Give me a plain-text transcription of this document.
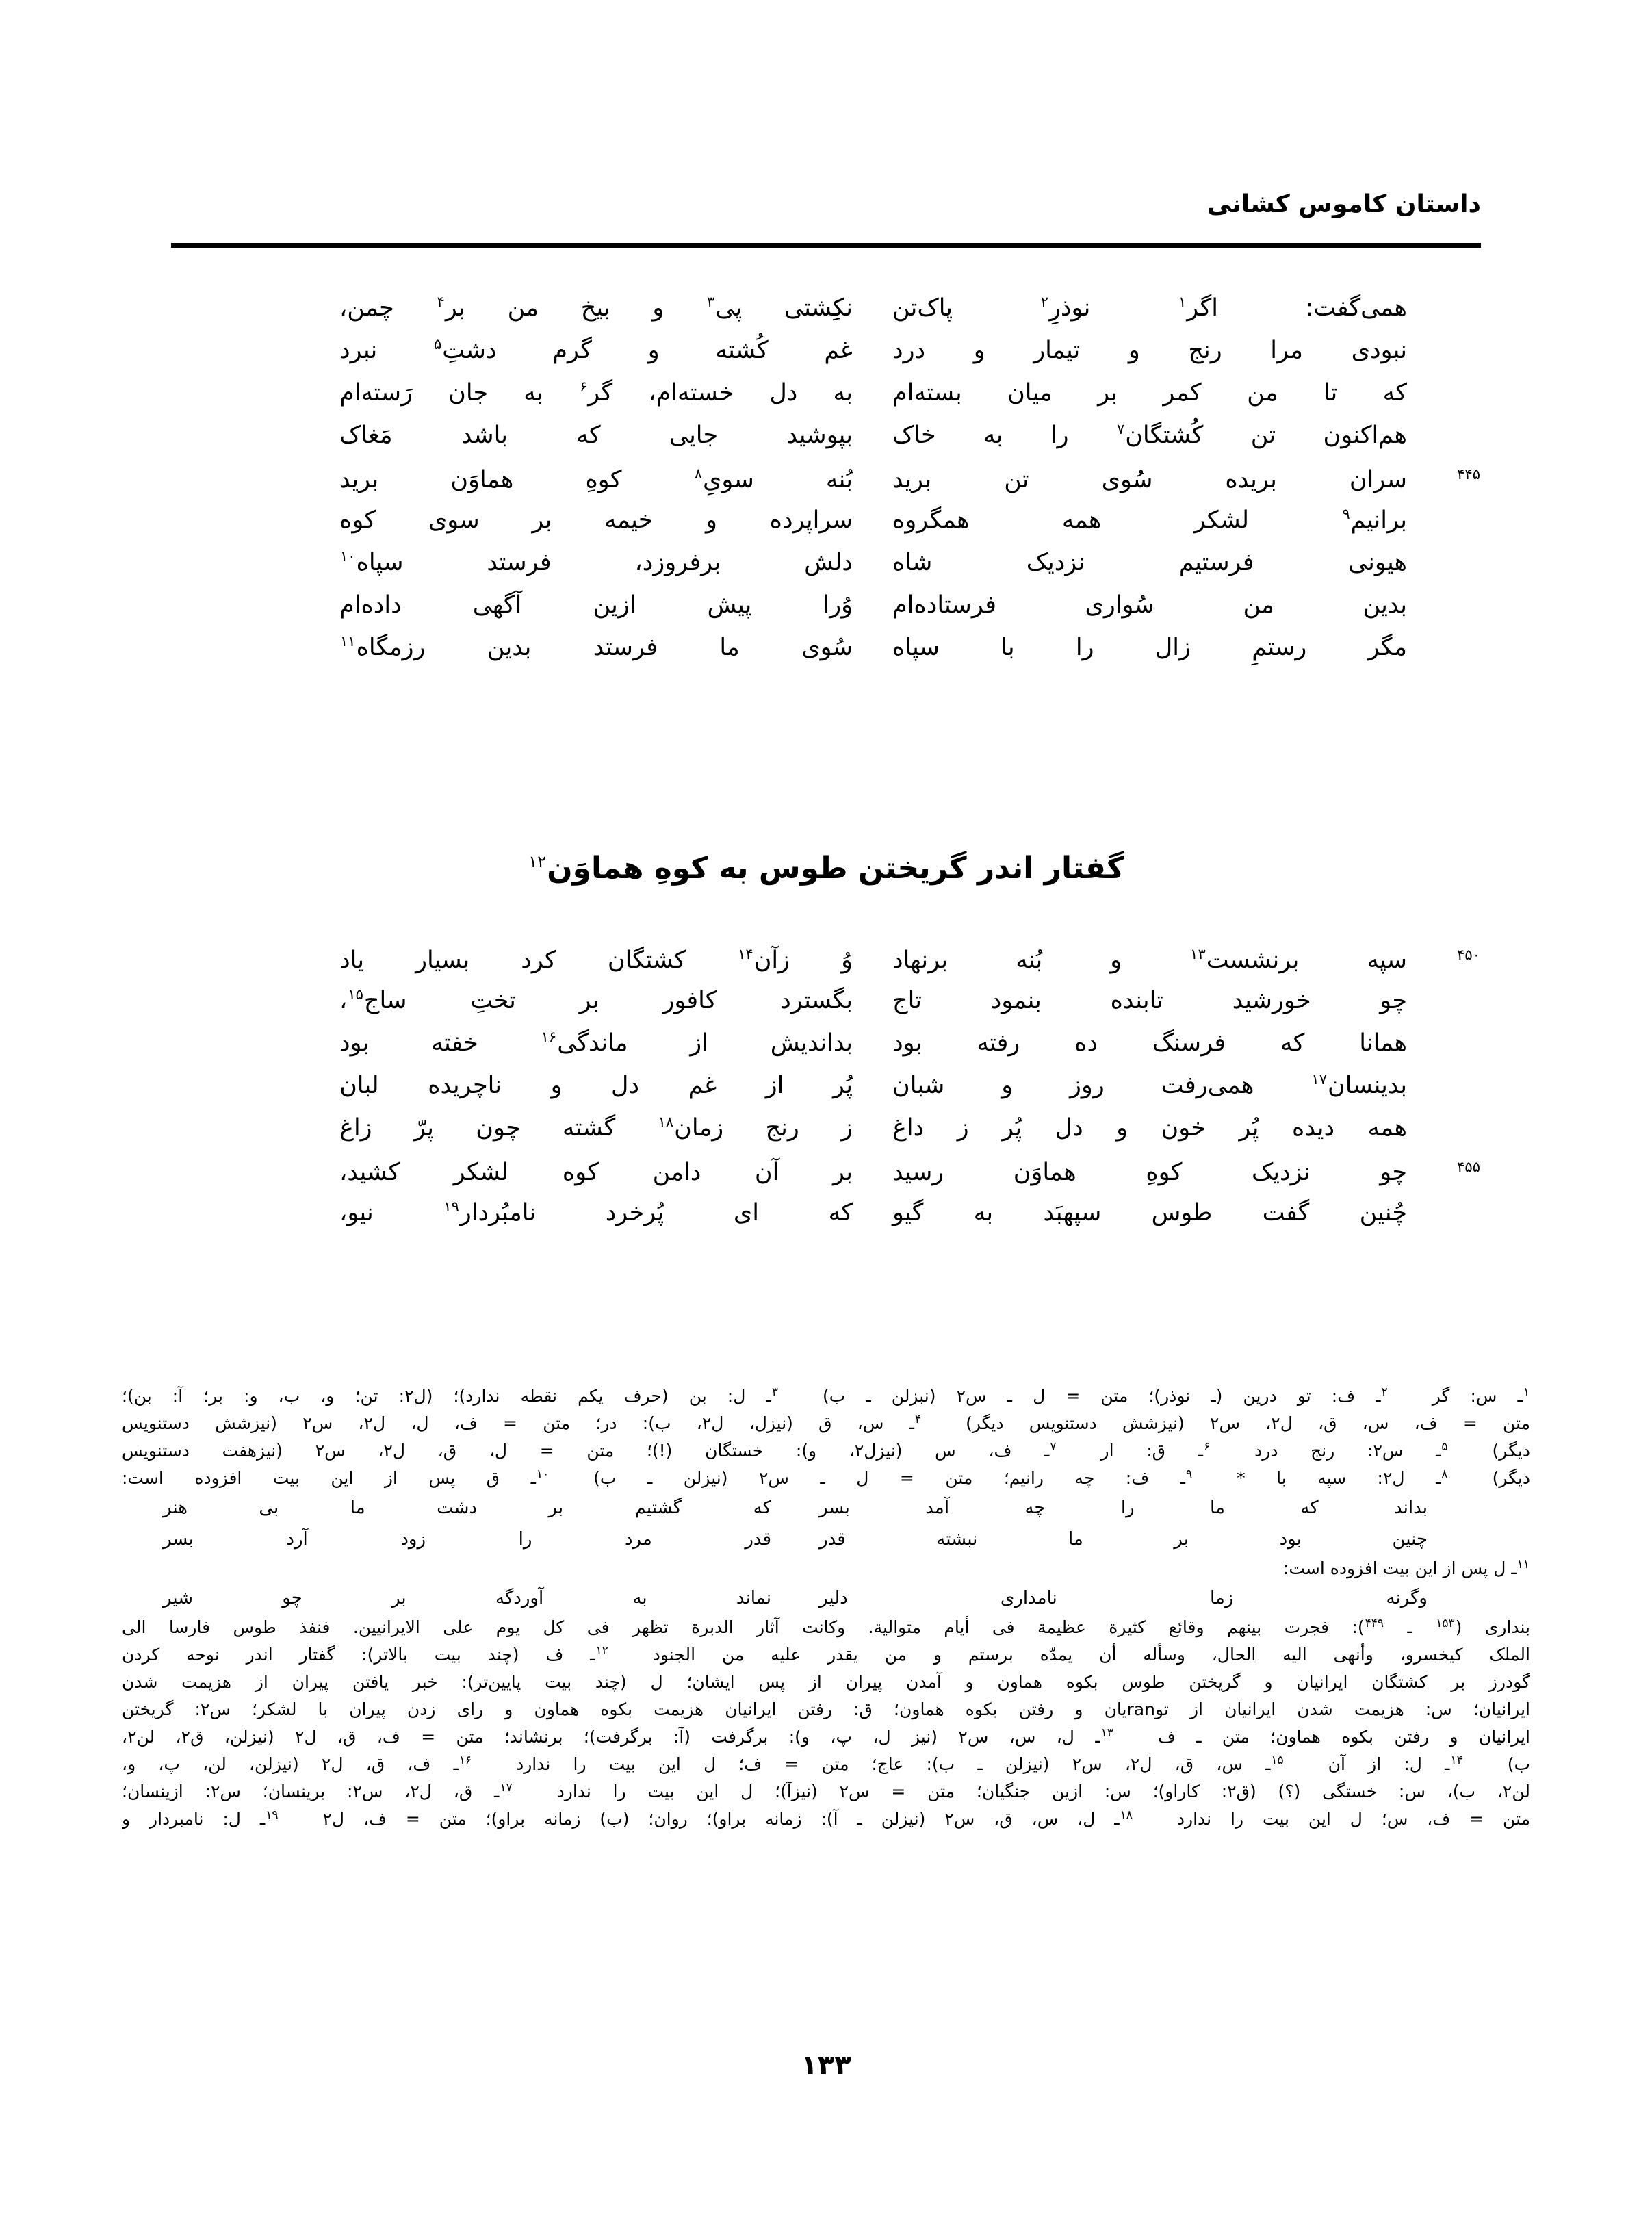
داستان کاموس کشانی
همی‌گفت:
اگر$^۱$
نوذرِ$^۲$
پاک‌تن
نکِشتی
پی$^۳$
و
بیخ
من
بر$^۴$
چمن،
نبودی
مرا
رنج
و
تیمار
و
درد
غم
کُشته
و
گرم
دشتِ$^۵$
نبرد
که
تا
من
کمر
بر
میان
بسته‌ام
به
دل
خسته‌ام،
گر$^۶$
به
جان
رَسته‌ام
هم‌اکنون
تن
کُشتگان$^۷$
را
به
خاک
بپوشید
جایی
که
باشد
مَغاک
$^{۴۴۵}$
سران
بریده
سُوی
تن
برید
بُنه
سویِ$^۸$
کوهِ
هماوَن
برید
برانیم$^۹$
لشکر
همه
همگروه
سراپرده
و
خیمه
بر
سوی
کوه
هیونی
فرستیم
نزدیک
شاه
دلش
برفروزد،
فرستد
سپاه$^{۱۰}$
بدین
من
سُواری
فرستاده‌ام
وُرا
پیش
ازین
آگهی
داده‌ام
مگر
رستمِ
زال
را
با
سپاه
سُوی
ما
فرستد
بدین
رزمگاه$^{۱۱}$
گفتار اندر گریختن طوس به کوهِ هماوَن$^{۱۲}$
$^{۴۵۰}$
سپه
برنشست$^{۱۳}$
و
بُنه
برنهاد
وُ
زآن$^{۱۴}$
کشتگان
کرد
بسیار
یاد
چو
خورشید
تابنده
بنمود
تاج
بگسترد
کافور
بر
تختِ
ساج$^{۱۵}$،
همانا
که
فرسنگ
ده
رفته
بود
بداندیش
از
ماندگی$^{۱۶}$
خفته
بود
بدینسان$^{۱۷}$
همی‌رفت
روز
و
شبان
پُر
از
غم
دل
و
ناچریده
لبان
همه
دیده
پُر
خون
و
دل
پُر
ز
داغ
ز
رنج
زمان$^{۱۸}$
گشته
چون
پرّ
زاغ
$^{۴۵۵}$
چو
نزدیک
کوهِ
هماوَن
رسید
بر
آن
دامن
کوه
لشکر
کشید،
چُنین
گفت
طوس
سپهبَد
به
گیو
که
ای
پُرخرد
نامبُردار$^{۱۹}$
نیو،
$^۱$ـ س: گر$^۲$ـ ف: تو درین (ـ نوذر)؛ متن = ل ـ س٢ (نبزلن ـ ب)$^۳$ـ ل: بن (حرف یکم نقطه ندارد)؛ (ل٢: تن؛ و، ب، و: بر؛ آ: بن)؛
متن = ف، س، ق، ل٢، س٢ (نیزشش دستنویس دیگر)$^۴$ـ س، ق (نیزل، ل٢، ب): در؛ متن = ف، ل، ل٢، س٢ (نیزشش دستنویس
دیگر)$^۵$ـ س٢: رنج درد$^۶$ـ ق: ار$^۷$ـ ف، س (نیزل٢، و): خستگان (!)؛ متن = ل، ق، ل٢، س٢ (نیزهفت دستنویس
دیگر)$^۸$ـ ل٢: سپه با *$^۹$ـ ف: چه رانیم؛ متن = ل ـ س٢ (نیزلن ـ ب)$^{۱۰}$ـ ق پس از این بیت افزوده است:
بداند
که
ما
را
چه
آمد
بسر
که
گشتیم
بر
دشت
ما
بی
هنر
چنین
بود
بر
ما
نبشته
قدر
قدر
مرد
را
زود
آرد
بسر
$^{۱۱}$ـ ل پس از این بیت افزوده است:
وگرنه
زما
نامداری
دلیر
نماند
به
آوردگه
بر
چو
شیر
بنداری ($^{۱۵۳}$ ـ $^{۴۴۹}$): فجرت بینهم وقائع کثیرة عظیمة فی أیام متوالیة. وکانت آثار الدبرة تظهر فی کل یوم علی الایرانیین. فنفذ طوس فارسا الی
الملک کیخسرو، وأنهی الیه الحال، وسأله أن یمدّه برستم و من یقدر علیه من الجنود$^{۱۲}$ـ ف (چند بیت بالاتر): گفتار اندر نوحه کردن
گودرز بر کشتگان ایرانیان و گریختن طوس بکوه هماون و آمدن پیران از پس ایشان؛ ل (چند بیت پایین‌تر): خبر یافتن پیران از هزیمت شدن
ایرانیان؛ س: هزیمت شدن ایرانیان از توranیان و رفتن بکوه هماون؛ ق: رفتن ایرانیان هزیمت بکوه هماون و رای زدن پیران با لشکر؛ س٢: گریختن
ایرانیان و رفتن بکوه هماون؛ متن ـ ف$^{۱۳}$ـ ل، س، س٢ (نیز ل، پ، و): برگرفت (آ: برگرفت)؛ برنشاند؛ متن = ف، ق، ل٢ (نیزلن، ق٢، لن٢،
ب)$^{۱۴}$ـ ل: از آن$^{۱۵}$ـ س، ق، ل٢، س٢ (نیزلن ـ ب): عاج؛ متن = ف؛ ل این بیت را ندارد$^{۱۶}$ـ ف، ق، ل٢ (نیزلن، لن، پ، و،
لن٢، ب)، س: خستگی (؟) (ق٢: کاراو)؛ س: ازین جنگیان؛ متن = س٢ (نیزآ)؛ ل این بیت را ندارد$^{۱۷}$ـ ق، ل٢، س٢: برینسان؛ س٢: ازینسان؛
متن = ف، س؛ ل این بیت را ندارد$^{۱۸}$ـ ل، س، ق، س٢ (نیزلن ـ آ): زمانه براو)؛ روان؛ (ب) زمانه براو)؛ متن = ف، $ل٢^{۱۹}ـ$ ل: نامبردار و
۱۳۳
